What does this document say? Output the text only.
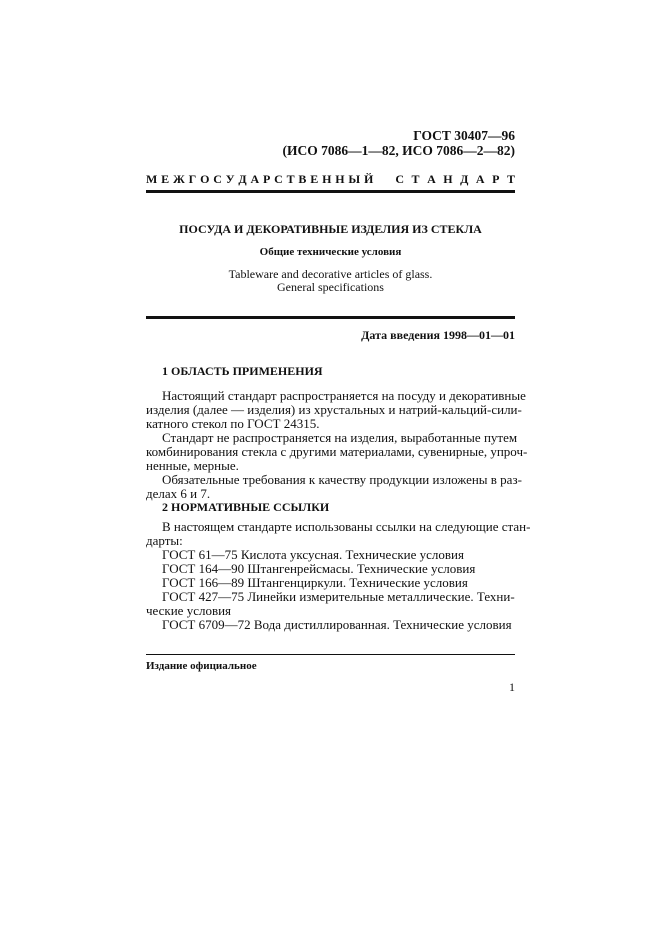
ГОСТ 30407—96
(ИСО 7086—1—82, ИСО 7086—2—82)
М Е Ж Г О С У Д А Р С Т В Е Н Н Ы Й С Т А Н Д А Р Т
ПОСУДА И ДЕКОРАТИВНЫЕ ИЗДЕЛИЯ ИЗ СТЕКЛА
Общие технические условия
Tableware and decorative articles of glass.
General specifications
Дата введения 1998—01—01
1 ОБЛАСТЬ ПРИМЕНЕНИЯ
Настоящий стандарт распространяется на посуду и декоративные
изделия (далее — изделия) из хрустальных и натрий-кальций-сили-
катного стекол по ГОСТ 24315.
Стандарт не распространяется на изделия, выработанные путем
комбинирования стекла с другими материалами, сувенирные, упроч-
ненные, мерные.
Обязательные требования к качеству продукции изложены в раз-
делах 6 и 7.
2 НОРМАТИВНЫЕ ССЫЛКИ
В настоящем стандарте использованы ссылки на следующие стан-
дарты:
ГОСТ 61—75 Кислота уксусная. Технические условия
ГОСТ 164—90 Штангенрейсмасы. Технические условия
ГОСТ 166—89 Штангенциркули. Технические условия
ГОСТ 427—75 Линейки измерительные металлические. Техни-
ческие условия
ГОСТ 6709—72 Вода дистиллированная. Технические условия
Издание официальное
1
